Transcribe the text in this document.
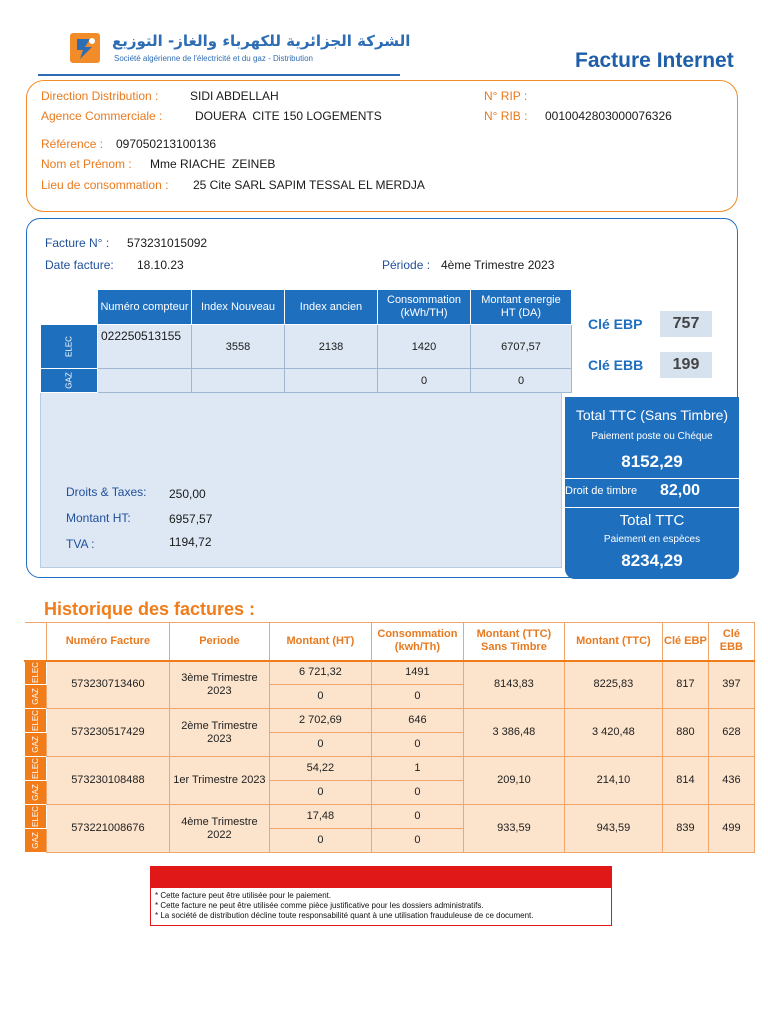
الشركة الجزائرية للكهرباء والغاز- التوزيع
Société algérienne de l'électricité et du gaz - Distribution	Facture Internet
Direction Distribution :	SIDI ABDELLAH
Agence Commerciale :	DOUERA  CITE 150 LOGEMENTS
N° RIP :
N° RIB : 0010042803000076326
Référence : 097050213100136
Nom et Prénom : Mme RIACHE  ZEINEB
Lieu de consommation : 25 Cite SARL SAPIM TESSAL EL MERDJA
Facture N° : 573231015092
Date facture: 18.10.23	Période : 4ème Trimestre 2023
	Numéro compteur	Index Nouveau	Index ancien	Consommation (kWh/TH)	Montant energie HT (DA)

ELEC	022250513155	3558	2138	1420	6707,57

GAZ				0	0
Clé EBP	757
Clé EBB	199
Droits & Taxes: 250,00
Montant HT:	6957,57
TVA :	1194,72
Total TTC (Sans Timbre)
Paiement poste ou Chéque
8152,29
Droit de timbre 82,00
Total TTC
Paiement en espèces
8234,29
Historique des factures :
	Numéro Facture	Periode	Montant (HT)	Consommation (kwh/Th)	Montant (TTC) Sans Timbre	Montant (TTC)	Clé EBP	Clé EBB

ELEC	573230713460	3ème Trimestre 2023	6 721,32	1491	8143,83	8225,83	817	397

GAZ			0	0				

ELEC	573230517429	2ème Trimestre 2023	2 702,69	646	3 386,48	3 420,48	880	628

GAZ			0	0				

ELEC	573230108488	1er Trimestre 2023	54,22	1	209,10	214,10	814	436

GAZ			0	0				

ELEC	573221008676	4ème Trimestre 2022	17,48	0	933,59	943,59	839	499

GAZ			0	0				
* Cette facture peut être utilisée pour le paiement.
* Cette facture ne peut être utilisée comme pièce justificative pour les dossiers administratifs.
* La société de distribution décline toute responsabilité quant à une utilisation frauduleuse de ce document.
